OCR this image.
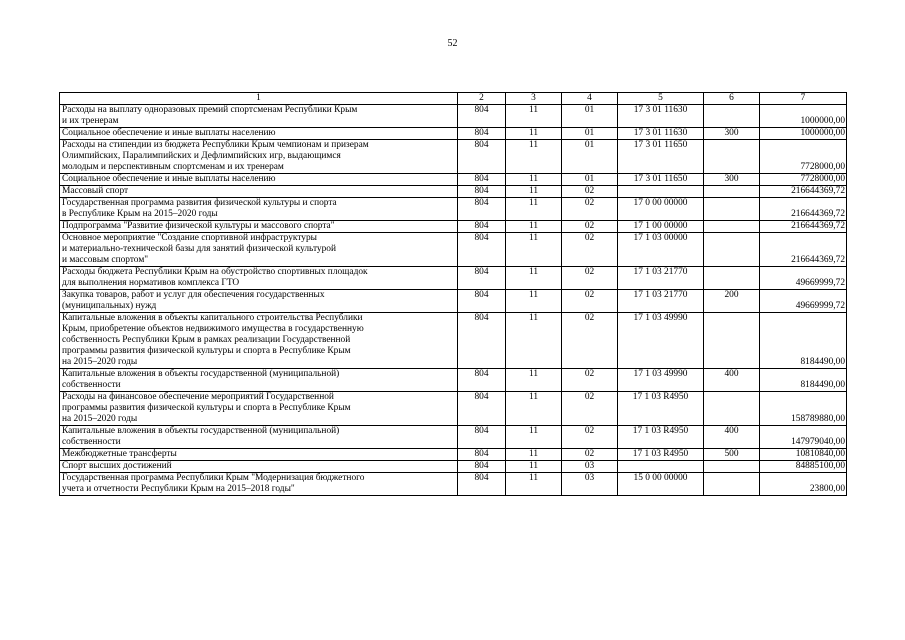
52
1	2	3	4	5	6	7
Расходы на выплату одноразовых премий спортсменам Республики Крым
и их тренерам	804	11	01	17 3 01 11630		1000000,00
Социальное обеспечение и иные выплаты населению	804	11	01	17 3 01 11630	300	1000000,00
Расходы на стипендии из бюджета Республики Крым чемпионам и призерам
Олимпийских, Паралимпийских и Дефлимпийских игр, выдающимся
молодым и перспективным спортсменам и их тренерам	804	11	01	17 3 01 11650		7728000,00
Социальное обеспечение и иные выплаты населению	804	11	01	17 3 01 11650	300	7728000,00
Массовый спорт	804	11	02			216644369,72
Государственная программа развития физической культуры и спорта
в Республике Крым на 2015–2020 годы	804	11	02	17 0 00 00000		216644369,72
Подпрограмма "Развитие физической культуры и массового спорта"	804	11	02	17 1 00 00000		216644369,72
Основное мероприятие "Создание спортивной инфраструктуры
и материально-технической базы для занятий физической культурой
и массовым спортом"	804	11	02	17 1 03 00000		216644369,72
Расходы бюджета Республики Крым на обустройство спортивных площадок
для выполнения нормативов комплекса ГТО	804	11	02	17 1 03 21770		49669999,72
Закупка товаров, работ и услуг для обеспечения государственных
(муниципальных) нужд	804	11	02	17 1 03 21770	200	49669999,72
Капитальные вложения в объекты капитального строительства Республики
Крым, приобретение объектов недвижимого имущества в государственную
собственность Республики Крым в рамках реализации Государственной
программы развития физической культуры и спорта в Республике Крым
на 2015–2020 годы	804	11	02	17 1 03 49990		8184490,00
Капитальные вложения в объекты государственной (муниципальной)
собственности	804	11	02	17 1 03 49990	400	8184490,00
Расходы на финансовое обеспечение мероприятий Государственной
программы развития физической культуры и спорта в Республике Крым
на 2015–2020 годы	804	11	02	17 1 03 R4950		158789880,00
Капитальные вложения в объекты государственной (муниципальной)
собственности	804	11	02	17 1 03 R4950	400	147979040,00
Межбюджетные трансферты	804	11	02	17 1 03 R4950	500	10810840,00
Спорт высших достижений	804	11	03			84885100,00
Государственная программа Республики Крым "Модернизация бюджетного
учета и отчетности Республики Крым на 2015–2018 годы"	804	11	03	15 0 00 00000		23800,00
